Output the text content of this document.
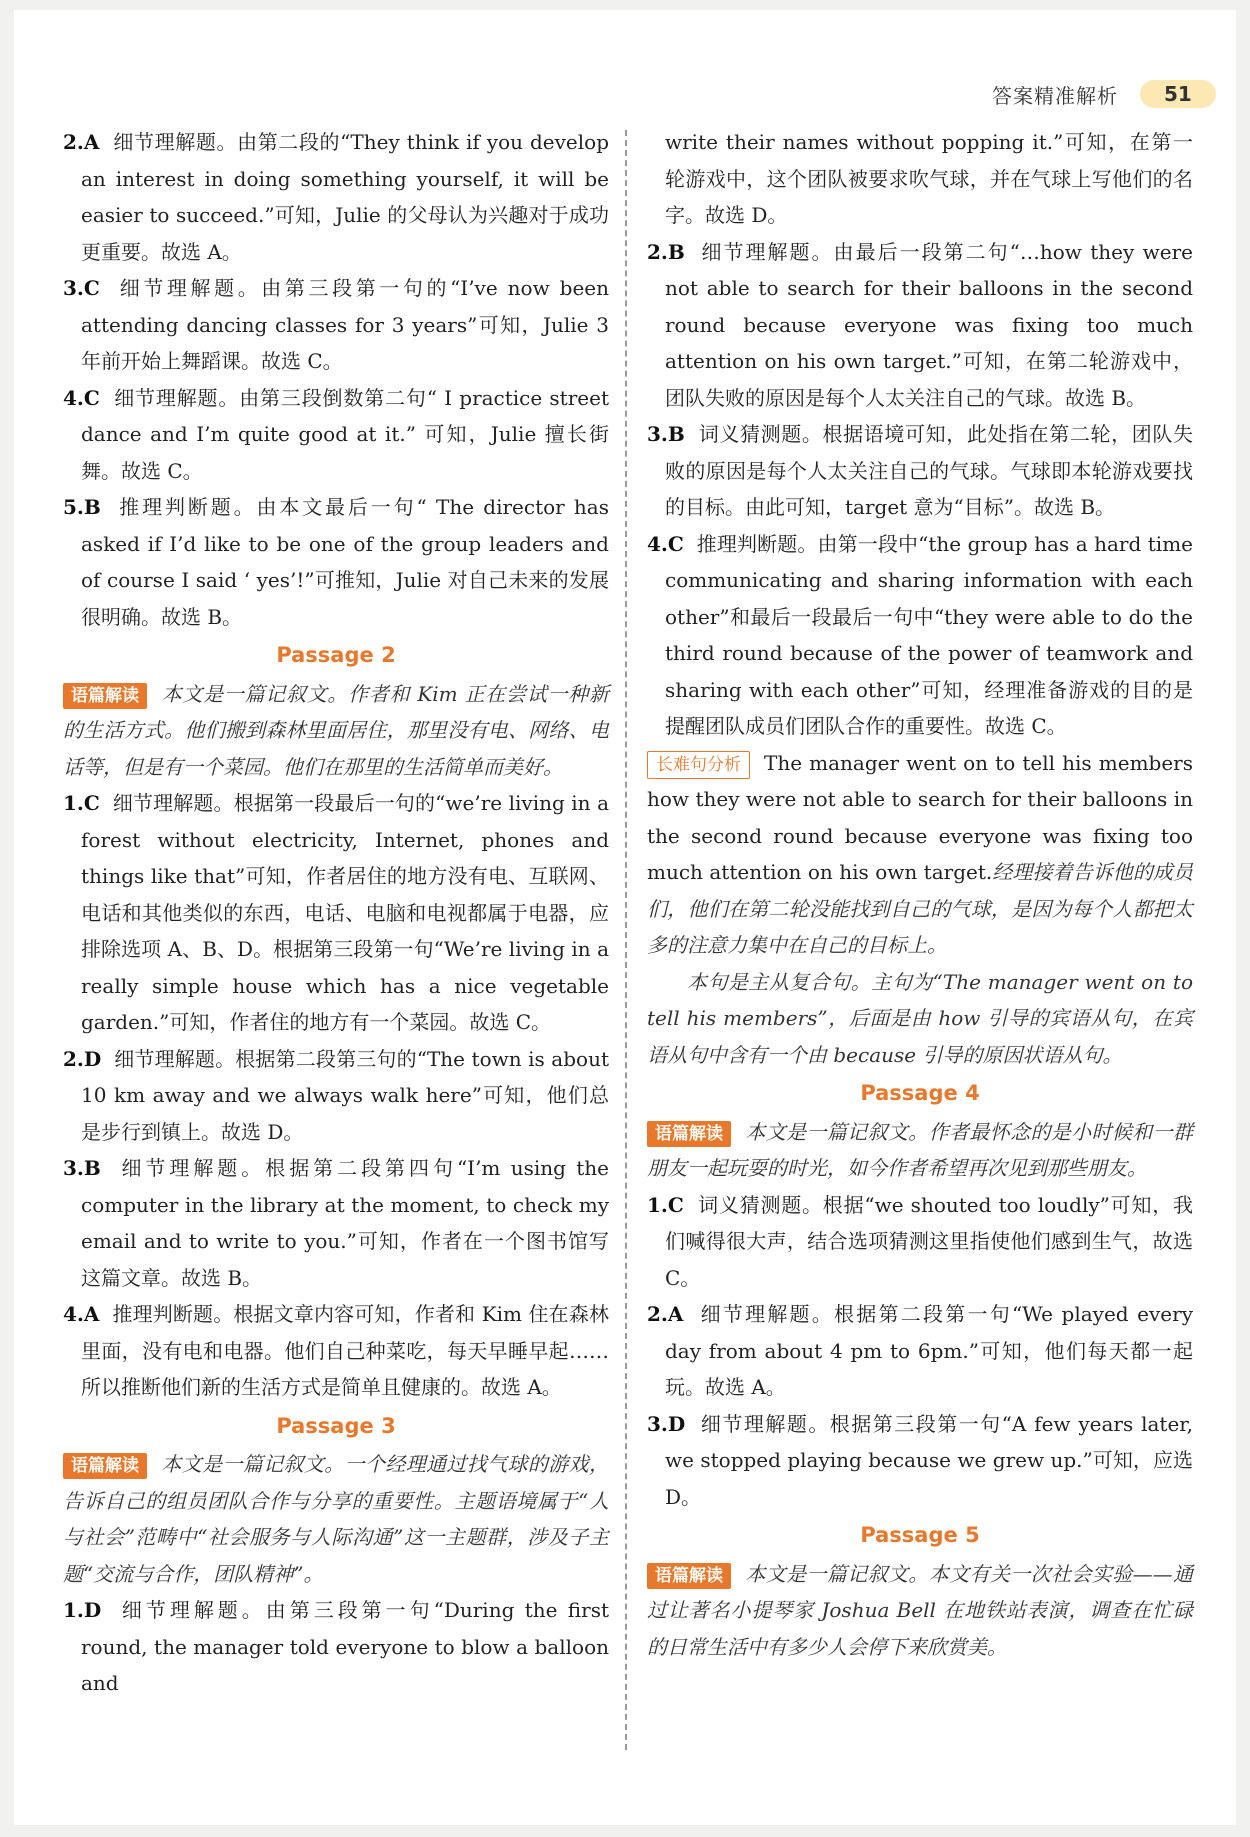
答案精准解析	51

2.A 细节理解题。由第二段的“They think if you develop an interest in doing something yourself, it will be easier to succeed.”可知，Julie 的父母认为兴趣对于成功更重要。故选 A。

3.C 细节理解题。由第三段第一句的“I’ve now been attending dancing classes for 3 years”可知，Julie 3 年前开始上舞蹈课。故选 C。

4.C 细节理解题。由第三段倒数第二句“ I practice street dance and I’m quite good at it.” 可知，Julie 擅长街舞。故选 C。

5.B 推理判断题。由本文最后一句“ The director has asked if I’d like to be one of the group leaders and of course I said ‘ yes’!”可推知，Julie 对自己未来的发展很明确。故选 B。

Passage 2

语篇解读 本文是一篇记叙文。作者和 Kim 正在尝试一种新的生活方式。他们搬到森林里面居住，那里没有电、网络、电话等，但是有一个菜园。他们在那里的生活简单而美好。

1.C 细节理解题。根据第一段最后一句的“we’re living in a forest without electricity, Internet, phones and things like that”可知，作者居住的地方没有电、互联网、电话和其他类似的东西，电话、电脑和电视都属于电器，应排除选项 A、B、D。根据第三段第一句“We’re living in a really simple house which has a nice vegetable garden.”可知，作者住的地方有一个菜园。故选 C。

2.D 细节理解题。根据第二段第三句的“The town is about 10 km away and we always walk here”可知，他们总是步行到镇上。故选 D。

3.B 细节理解题。根据第二段第四句“I’m using the computer in the library at the moment, to check my email and to write to you.”可知，作者在一个图书馆写这篇文章。故选 B。

4.A 推理判断题。根据文章内容可知，作者和 Kim 住在森林里面，没有电和电器。他们自己种菜吃，每天早睡早起……所以推断他们新的生活方式是简单且健康的。故选 A。

Passage 3

语篇解读 本文是一篇记叙文。一个经理通过找气球的游戏，告诉自己的组员团队合作与分享的重要性。主题语境属于“人与社会”范畴中“社会服务与人际沟通”这一主题群，涉及子主题“交流与合作，团队精神”。

1.D 细节理解题。由第三段第一句“During the first round, the manager told everyone to blow a balloon and

write their names without popping it.”可知，在第一轮游戏中，这个团队被要求吹气球，并在气球上写他们的名字。故选 D。

2.B 细节理解题。由最后一段第二句“…how they were not able to search for their balloons in the second round because everyone was fixing too much attention on his own target.”可知，在第二轮游戏中，团队失败的原因是每个人太关注自己的气球。故选 B。

3.B 词义猜测题。根据语境可知，此处指在第二轮，团队失败的原因是每个人太关注自己的气球。气球即本轮游戏要找的目标。由此可知，target 意为“目标”。故选 B。

4.C 推理判断题。由第一段中“the group has a hard time communicating and sharing information with each other”和最后一段最后一句中“they were able to do the third round because of the power of teamwork and sharing with each other”可知，经理准备游戏的目的是提醒团队成员们团队合作的重要性。故选 C。

长难句分析 The manager went on to tell his members how they were not able to search for their balloons in the second round because everyone was fixing too much attention on his own target.经理接着告诉他的成员们，他们在第二轮没能找到自己的气球，是因为每个人都把太多的注意力集中在自己的目标上。

本句是主从复合句。主句为“The manager went on to tell his members”，后面是由 how 引导的宾语从句，在宾语从句中含有一个由 because 引导的原因状语从句。

Passage 4

语篇解读 本文是一篇记叙文。作者最怀念的是小时候和一群朋友一起玩耍的时光，如今作者希望再次见到那些朋友。

1.C 词义猜测题。根据“we shouted too loudly”可知，我们喊得很大声，结合选项猜测这里指使他们感到生气，故选 C。

2.A 细节理解题。根据第二段第一句“We played every day from about 4 pm to 6pm.”可知，他们每天都一起玩。故选 A。

3.D 细节理解题。根据第三段第一句“A few years later, we stopped playing because we grew up.”可知，应选 D。

Passage 5

语篇解读 本文是一篇记叙文。本文有关一次社会实验——通过让著名小提琴家 Joshua Bell 在地铁站表演，调查在忙碌的日常生活中有多少人会停下来欣赏美。
